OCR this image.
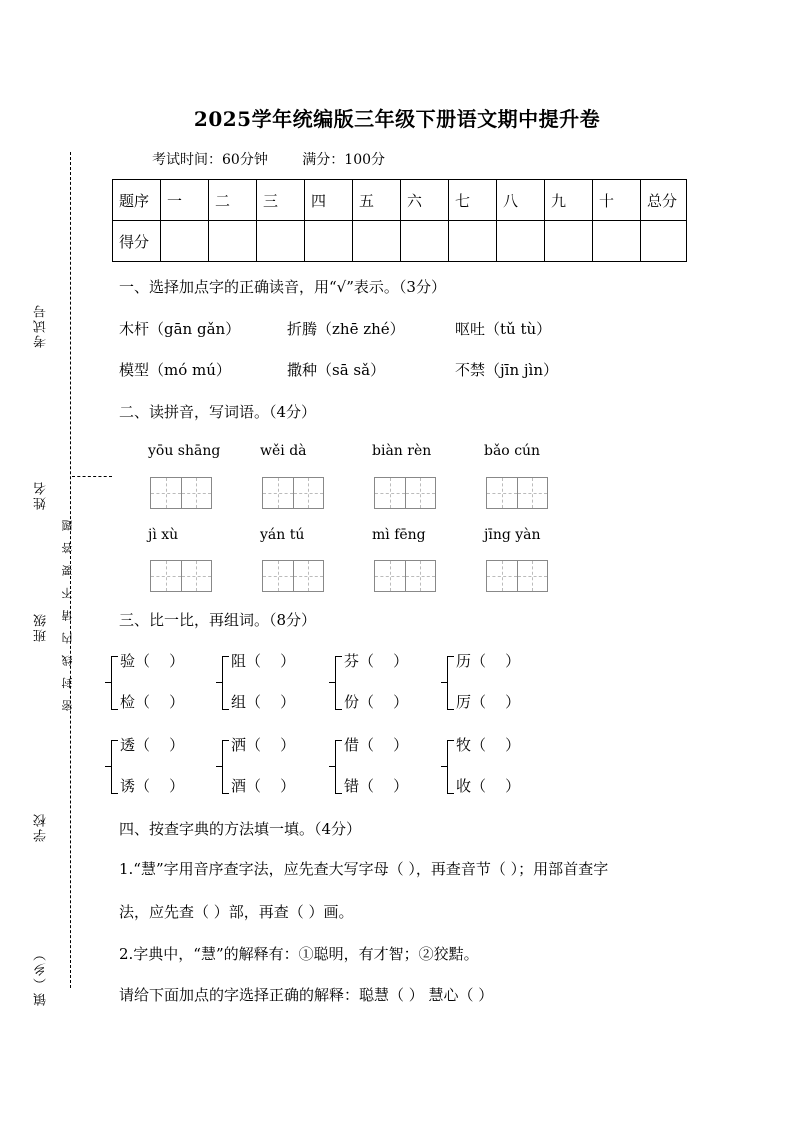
考试号
姓名
班级 密 封 线 内 请 不 要 答 题
学校
镇（乡）
2025学年统编版三年级下册语文期中提升卷
考试时间：60分钟 满分：100分
题序	一	二	三	四	五	六	七	八	九	十	总分
得分											
一、选择加点字的正确读音，用“√”表示。（3分）
木杆（gān gǎn）	折腾（zhē zhé）	呕吐（tǔ tù）
模型（mó mú）	撒种（sā sǎ）	不禁（jīn jìn）
二、读拼音，写词语。（4分）
yōu shāng	wěi dà	biàn rèn	bǎo cún
jì xù	yán tú	mì fēng	jīng yàn
三、比一比，再组词。（8分）
验（    ）
检（    ）
阻（    ）
组（    ）
芬（    ）
份（    ）
历（    ）
厉（    ）
透（    ）
诱（    ）
洒（    ）
酒（    ）
借（    ）
错（    ）
牧（    ）
收（    ）
四、按查字典的方法填一填。（4分）
1.“慧”字用音序查字法，应先查大写字母（ ），再查音节（ ）；用部首查字
法，应先查（ ）部，再查（ ）画。
2.字典中，“慧”的解释有：①聪明，有才智；②狡黠。
请给下面加点的字选择正确的解释：聪慧（ ） 慧心（ ）
